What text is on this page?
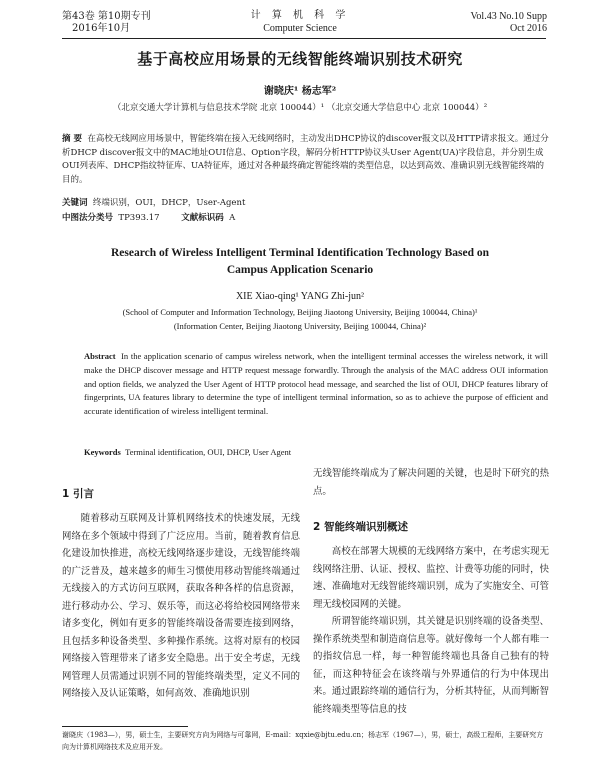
第43卷 第10期专刊
2016年10月
计 算 机 科 学
Computer Science
Vol.43 No.10 Supp
Oct 2016
基于高校应用场景的无线智能终端识别技术研究
谢晓庆¹ 杨志军²
（北京交通大学计算机与信息技术学院 北京 100044）¹ （北京交通大学信息中心 北京 100044）²
摘 要 在高校无线网应用场景中，智能终端在接入无线网络时，主动发出DHCP协议的discover报文以及HTTP请求报文。通过分析DHCP discover报文中的MAC地址OUI信息、Option字段，解码分析HTTP协议头User Agent(UA)字段信息，并分别生成OUI列表库、DHCP指纹特征库、UA特征库，通过对各种最终确定智能终端的类型信息，以达到高效、准确识别无线智能终端的目的。
关键词 终端识别，OUI，DHCP，User-Agent
中图法分类号 TP393.17	文献标识码 A
Research of Wireless Intelligent Terminal Identification Technology Based on
Campus Application Scenario
XIE Xiao-qing¹ YANG Zhi-jun²
(School of Computer and Information Technology, Beijing Jiaotong University, Beijing 100044, China)¹
(Information Center, Beijing Jiaotong University, Beijing 100044, China)²
Abstract In the application scenario of campus wireless network, when the intelligent terminal accesses the wireless network, it will make the DHCP discover message and HTTP request message forwardly. Through the analysis of the MAC address OUI information and option fields, we analyzed the User Agent of HTTP protocol head message, and searched the list of OUI, DHCP features library of fingerprints, UA features library to determine the type of intelligent terminal information, so as to achieve the purpose of efficient and accurate identification of wireless intelligent terminal.
Keywords Terminal identification, OUI, DHCP, User Agent
1 引言

随着移动互联网及计算机网络技术的快速发展，无线网络在多个领域中得到了广泛应用。当前，随着教育信息化建设加快推进，高校无线网络逐步建设，无线智能终端的广泛普及，越来越多的师生习惯使用移动智能终端通过无线接入的方式访问互联网，获取各种各样的信息资源，进行移动办公、学习、娱乐等，而这必将给校园网络带来诸多变化，例如有更多的智能终端设备需要连接到网络，且包括多种设备类型、多种操作系统。这将对原有的校园网络接入管理带来了诸多安全隐患。出于安全考虑，无线网管理人员需通过识别不同的智能终端类型，定义不同的网络接入及认证策略，如何高效、准确地识别

无线智能终端成为了解决问题的关键，也是时下研究的热点。

2 智能终端识别概述

高校在部署大规模的无线网络方案中，在考虑实现无线网络注册、认证、授权、监控、计费等功能的同时，快速、准确地对无线智能终端识别，成为了实施安全、可管理无线校园网的关键。

所谓智能终端识别，其关键是识别终端的设备类型、操作系统类型和制造商信息等。就好像每一个人都有唯一的指纹信息一样，每一种智能终端也具备自己独有的特征，而这种特征会在该终端与外界通信的行为中体现出来。通过跟踪终端的通信行为，分析其特征，从而判断智能终端类型等信息的技

谢晓庆（1983—），男，硕士生，主要研究方向为网络与可靠网，E-mail：xqxie@bjtu.edu.cn；杨志军（1967—），男，硕士，高级工程师，主要研究方向为计算机网络技术及应用开发。
